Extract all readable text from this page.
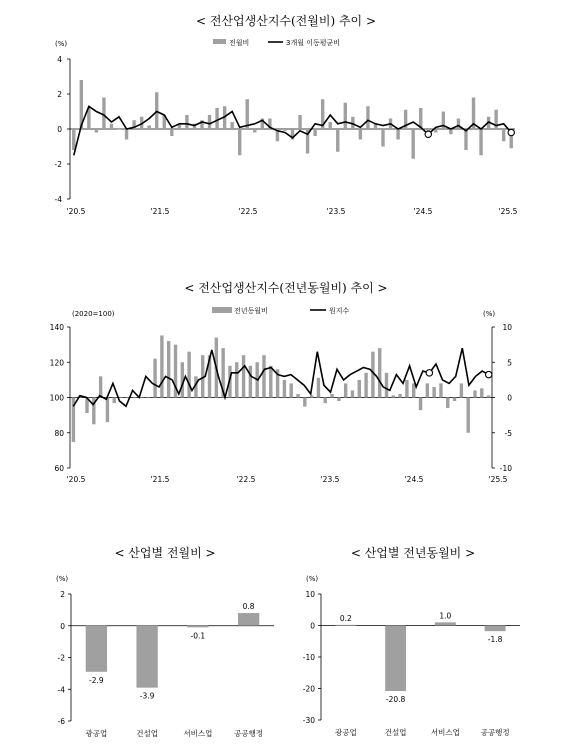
< 전산업생산지수(전월비) 추이 >
(%)	전월비	3개월 이동평균비
-4
-2
0
2
4
'20.5	'21.5	'22.5	'23.5	'24.5	'25.5
< 전산업생산지수(전년동월비) 추이 >
(2020=100)	(%)
전년동월비	원지수
60
80
100
120
140
-10
-5
0
5
10
'20.5	'21.5	'22.5	'23.5	'24.5	'25.5
< 산업별 전월비 >
(%)
-6
-4
-2
0
2
-2.9
광공업
-3.9
건설업
-0.1
서비스업
0.8
공공행정
< 산업별 전년동월비 >
(%)
-30
-20
-10
0
10
0.2
광공업
-20.8
건설업
1.0
서비스업
-1.8
공공행정
